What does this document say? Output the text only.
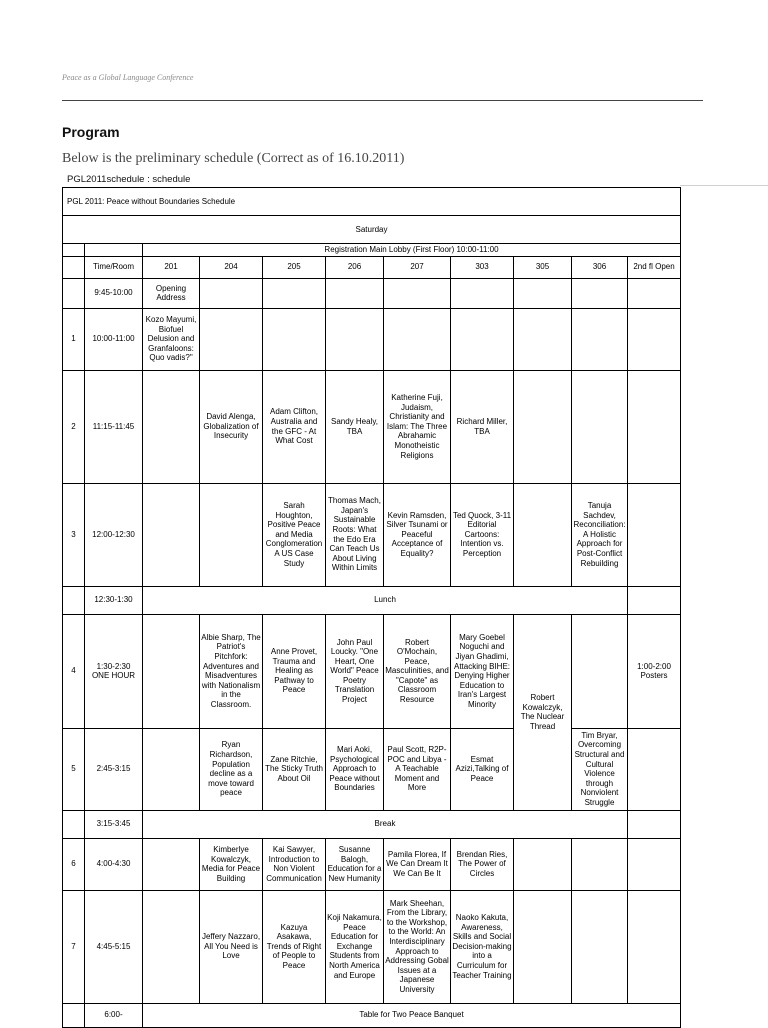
Peace as a Global Language Conference
Program

Below is the preliminary schedule (Correct as of 16.10.2011)

PGL2011schedule : schedule
PGL 2011: Peace without Boundaries Schedule										
Saturday										
		Registration Main Lobby (First Floor) 10:00-11:00								
	Time/Room	201	204	205	206	207	303	305	306	2nd fl Open
	9:45-10:00	Opening Address								
1	10:00-11:00	Kozo Mayumi, Biofuel Delusion and Granfaloons: Quo vadis?"								
2	11:15-11:45		David Alenga, Globalization of Insecurity	Adam Clifton, Australia and the GFC - At What Cost	Sandy Healy, TBA	Katherine Fuji, Judaism, Christianity and Islam: The Three Abrahamic Monotheistic Religions	Richard Miller, TBA			
3	12:00-12:30			Sarah Houghton, Positive Peace and Media Conglomeration A US Case Study	Thomas Mach, Japan's Sustainable Roots: What the Edo Era Can Teach Us About Living Within Limits	Kevin Ramsden, Silver Tsunami or Peaceful Acceptance of Equality?	Ted Quock, 3-11 Editorial Cartoons: Intention vs. Perception		Tanuja Sachdev, Reconciliation: A Holistic Approach for Post-Conflict Rebuilding	
	12:30-1:30	Lunch								
4	1:30-2:30
ONE HOUR		Albie Sharp, The Patriot's Pitchfork: Adventures and Misadventures with Nationalism in the Classroom.	Anne Provet, Trauma and Healing as Pathway to Peace	John Paul Loucky. "One Heart, One World" Peace Poetry Translation Project	Robert O'Mochain, Peace, Masculinities, and "Capote" as Classroom Resource	Mary Goebel Noguchi and Jiyan Ghadimi, Attacking BIHE: Denying Higher Education to Iran's Largest Minority	Robert Kowalczyk, The Nuclear Thread		1:00-2:00 Posters
5	2:45-3:15		Ryan Richardson, Population decline as a move toward peace	Zane Ritchie, The Sticky Truth About Oil	Mari Aoki, Psychological Approach to Peace without Boundaries	Paul Scott, R2P- POC and Libya - A Teachable Moment and More	Esmat Azizi,Talking of Peace		Tim Bryar, Overcoming Structural and Cultural Violence through Nonviolent Struggle	
	3:15-3:45	Break								
6	4:00-4:30		Kimberlye Kowalczyk, Media for Peace Building	Kai Sawyer, Introduction to Non Violent Communication	Susanne Balogh, Education for a New Humanity	Pamila Florea, If We Can Dream It We Can Be It	Brendan Ries, The Power of Circles			
7	4:45-5:15		Jeffery Nazzaro, All You Need is Love	Kazuya Asakawa, Trends of Right of People to Peace	Koji Nakamura, Peace Education for Exchange Students from North America and Europe	Mark Sheehan, From the Library, to the Workshop, to the World: An Interdisciplinary Approach to Addressing Gobal Issues at a Japanese University	Naoko Kakuta, Awareness, Skills and Social Decision-making into a Curriculum for Teacher Training			
	6:00-	Table for Two Peace Banquet								
